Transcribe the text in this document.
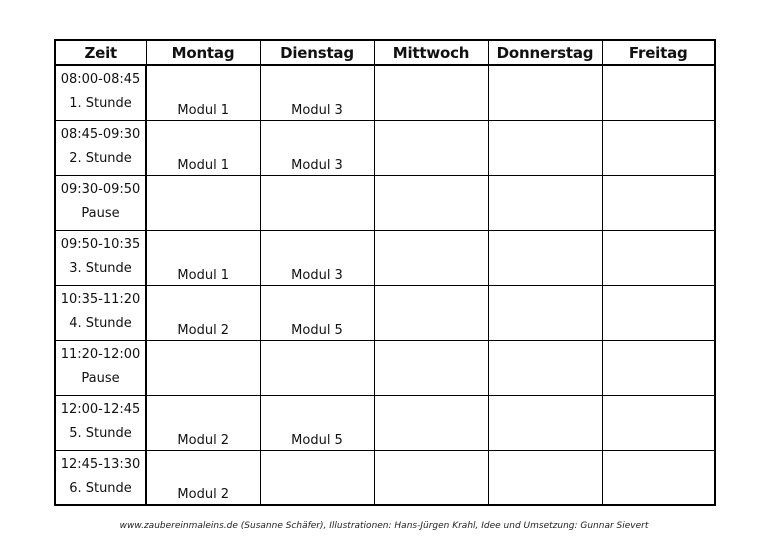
Zeit	Montag	Dienstag	Mittwoch	Donnerstag	Freitag

08:00-08:45
1. Stunde	Modul 1	Modul 3			

08:45-09:30
2. Stunde	Modul 1	Modul 3			

09:30-09:50
Pause					

09:50-10:35
3. Stunde	Modul 1	Modul 3			

10:35-11:20
4. Stunde	Modul 2	Modul 5			

11:20-12:00
Pause					

12:00-12:45
5. Stunde	Modul 2	Modul 5			

12:45-13:30
6. Stunde	Modul 2				

www.zaubereinmaleins.de (Susanne Schäfer), Illustrationen: Hans-Jürgen Krahl, Idee und Umsetzung: Gunnar Sievert
